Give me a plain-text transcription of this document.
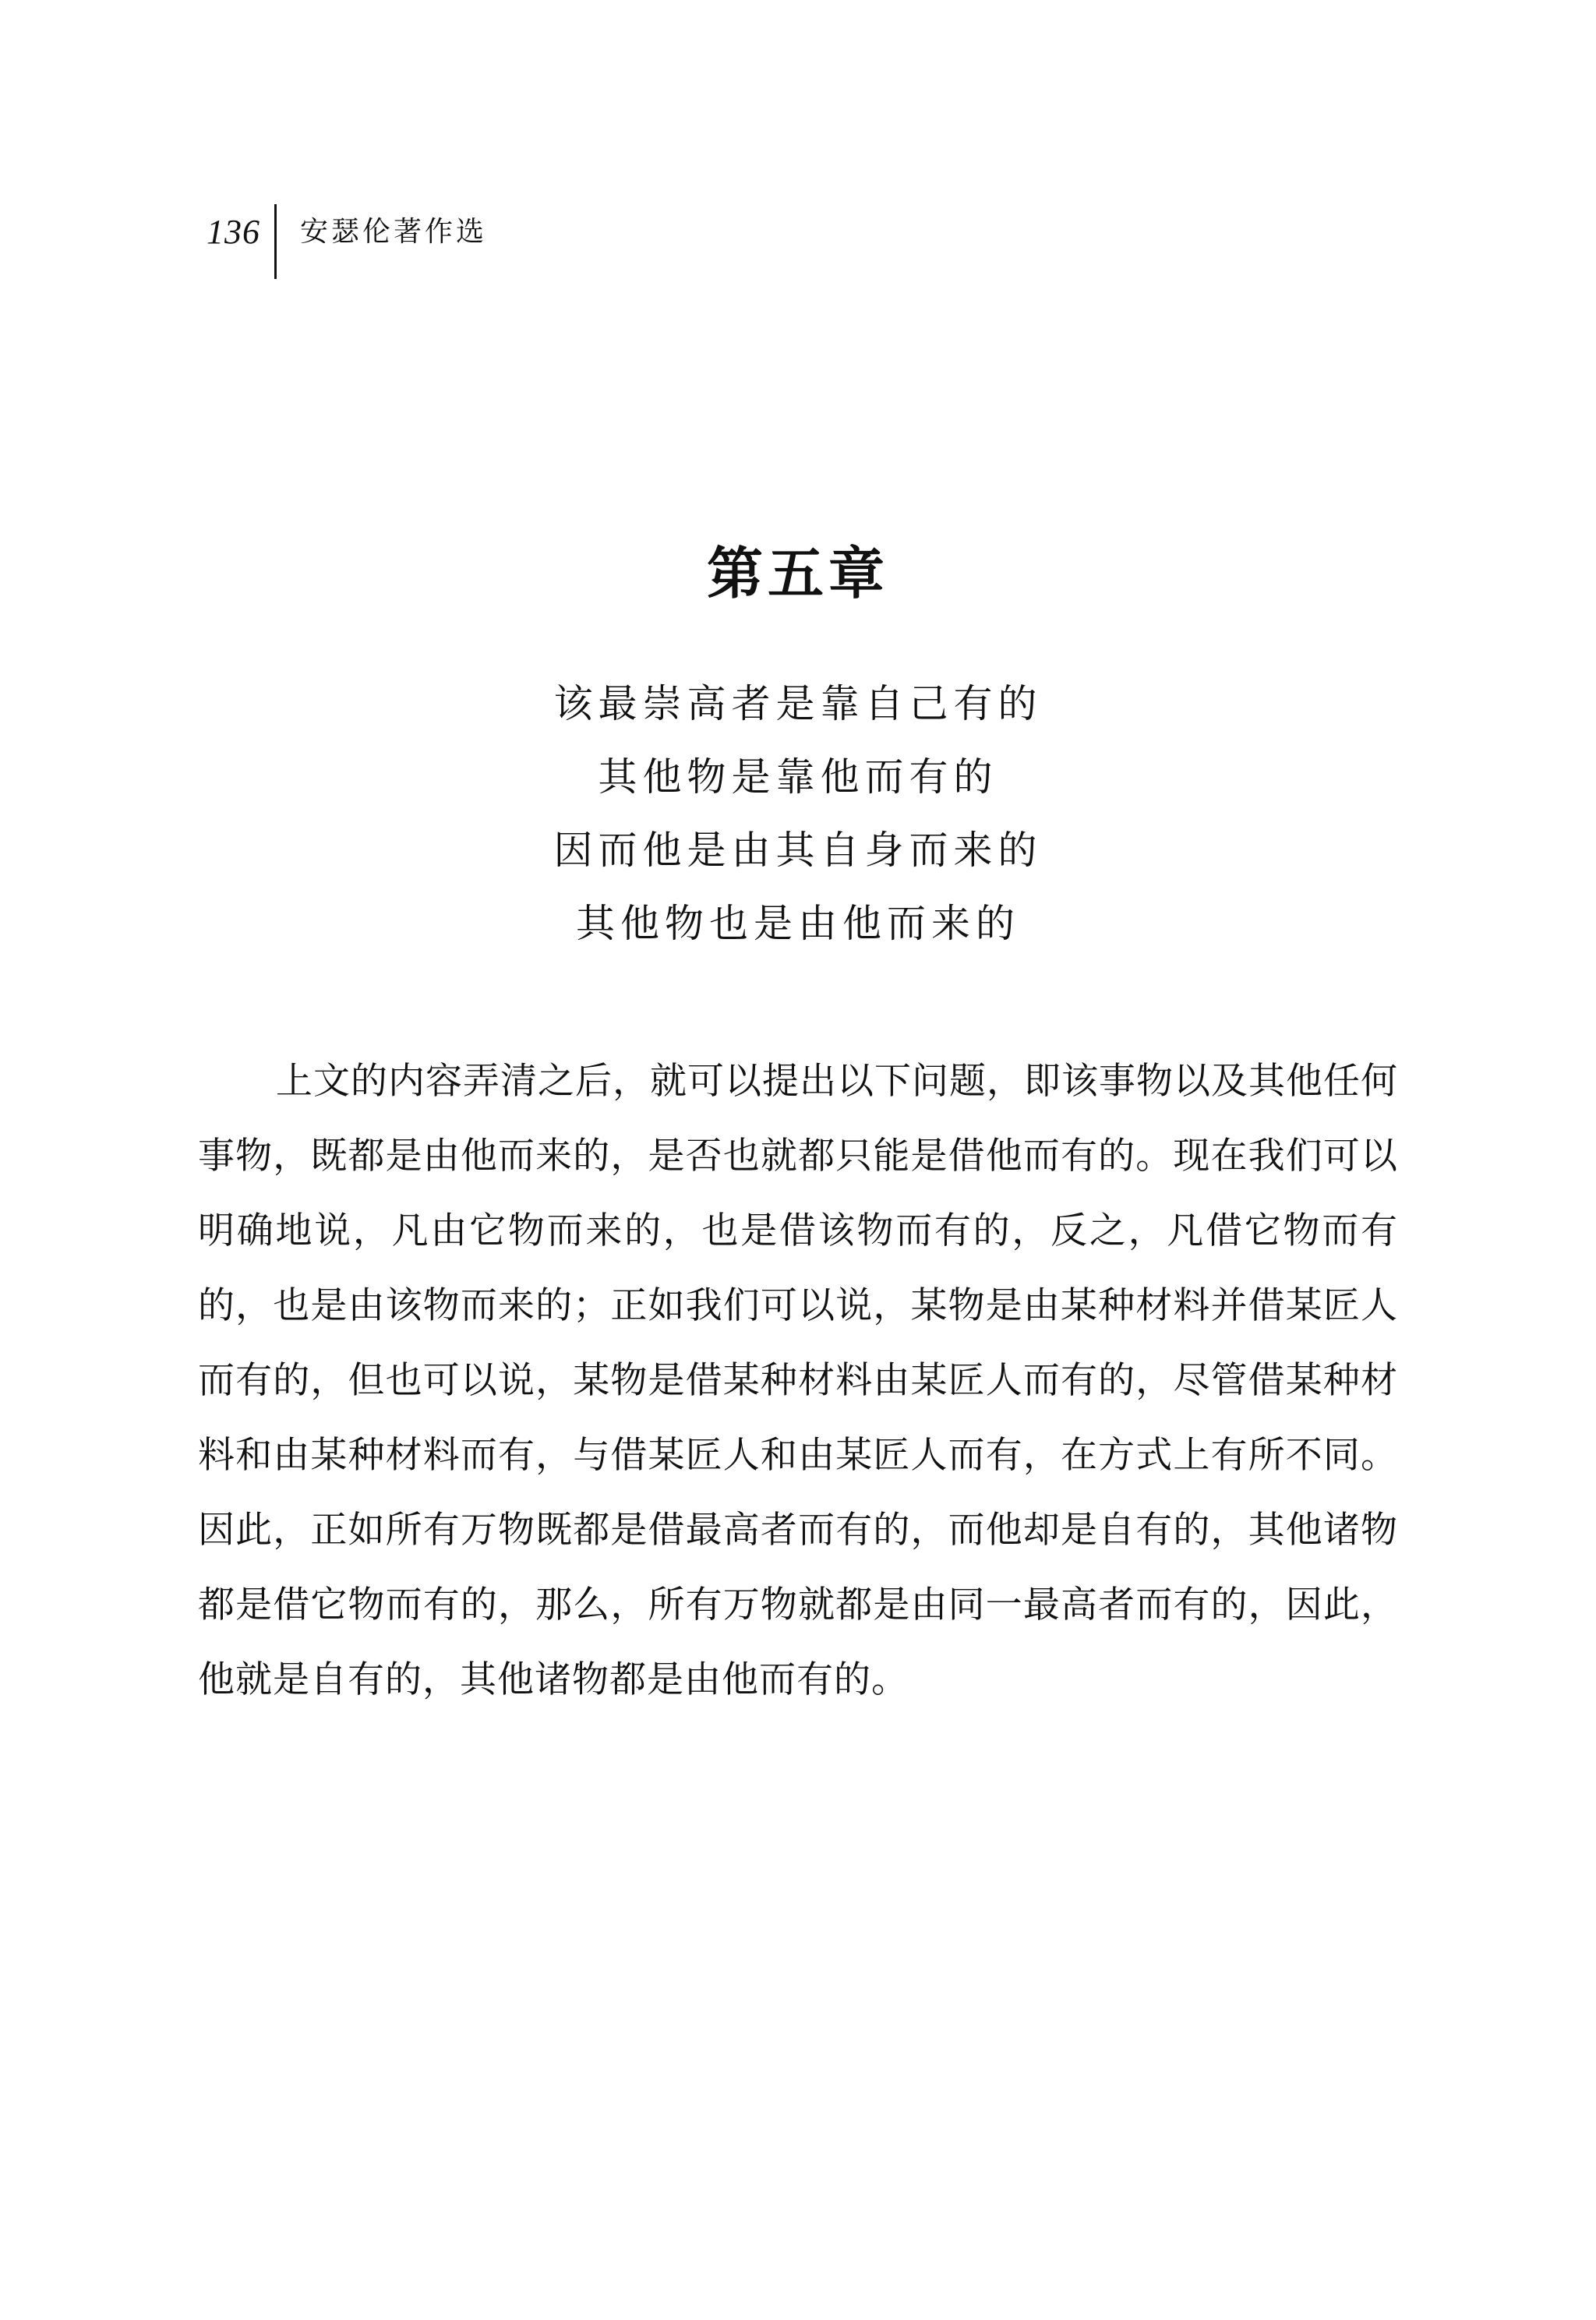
136	安瑟伦著作选
第五章
该最崇高者是靠自己有的
其他物是靠他而有的
因而他是由其自身而来的
其他物也是由他而来的

上文的内容弄清之后，就可以提出以下问题，即该事物以及其他任何事物，既都是由他而来的，是否也就都只能是借他而有的。现在我们可以明确地说，凡由它物而来的，也是借该物而有的，反之，凡借它物而有的，也是由该物而来的；正如我们可以说，某物是由某种材料并借某匠人而有的，但也可以说，某物是借某种材料由某匠人而有的，尽管借某种材料和由某种材料而有，与借某匠人和由某匠人而有，在方式上有所不同。因此，正如所有万物既都是借最高者而有的，而他却是自有的，其他诸物都是借它物而有的，那么，所有万物就都是由同一最高者而有的，因此，他就是自有的，其他诸物都是由他而有的。
